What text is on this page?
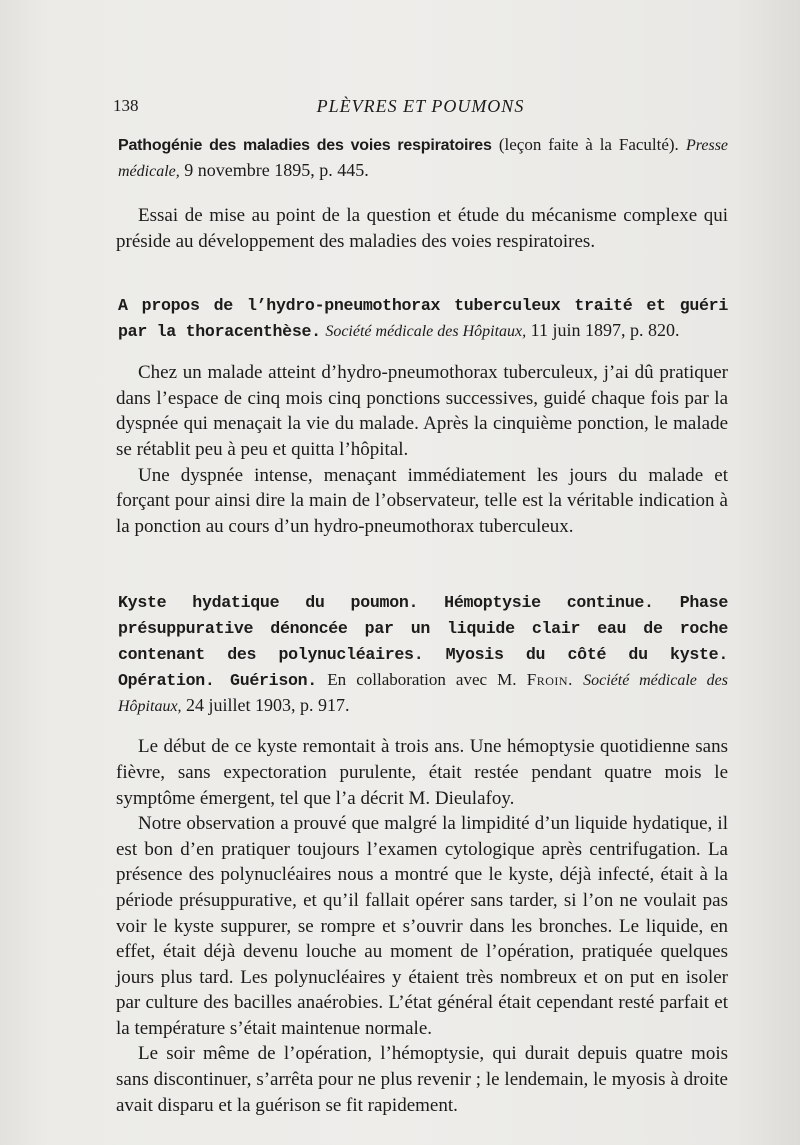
138	PLÈVRES ET POUMONS
Pathogénie des maladies des voies respiratoires (leçon faite à la Faculté). Presse médicale, 9 novembre 1895, p. 445.

Essai de mise au point de la question et étude du mécanisme complexe qui préside au développement des maladies des voies respiratoires.

A propos de l’hydro-pneumothorax tuberculeux traité et guéri par la thoracenthèse. Société médicale des Hôpitaux, 11 juin 1897, p. 820.

Chez un malade atteint d’hydro-pneumothorax tuberculeux, j’ai dû pratiquer dans l’espace de cinq mois cinq ponctions successives, guidé chaque fois par la dyspnée qui menaçait la vie du malade. Après la cinquième ponction, le malade se rétablit peu à peu et quitta l’hôpital.

Une dyspnée intense, menaçant immédiatement les jours du malade et forçant pour ainsi dire la main de l’observateur, telle est la véritable indication à la ponction au cours d’un hydro-pneumothorax tuberculeux.

Kyste hydatique du poumon. Hémoptysie continue. Phase présuppurative dénoncée par un liquide clair eau de roche contenant des polynucléaires. Myosis du côté du kyste. Opération. Guérison. En collaboration avec M. Froin. Société médicale des Hôpitaux, 24 juillet 1903, p. 917.

Le début de ce kyste remontait à trois ans. Une hémoptysie quotidienne sans fièvre, sans expectoration purulente, était restée pendant quatre mois le symptôme émergent, tel que l’a décrit M. Dieulafoy.

Notre observation a prouvé que malgré la limpidité d’un liquide hydatique, il est bon d’en pratiquer toujours l’examen cytologique après centrifugation. La présence des polynucléaires nous a montré que le kyste, déjà infecté, était à la période présuppurative, et qu’il fallait opérer sans tarder, si l’on ne voulait pas voir le kyste suppurer, se rompre et s’ouvrir dans les bronches. Le liquide, en effet, était déjà devenu louche au moment de l’opération, pratiquée quelques jours plus tard. Les polynucléaires y étaient très nombreux et on put en isoler par culture des bacilles anaérobies. L’état général était cependant resté parfait et la température s’était maintenue normale.

Le soir même de l’opération, l’hémoptysie, qui durait depuis quatre mois sans discontinuer, s’arrêta pour ne plus revenir ; le lendemain, le myosis à droite avait disparu et la guérison se fit rapidement.
